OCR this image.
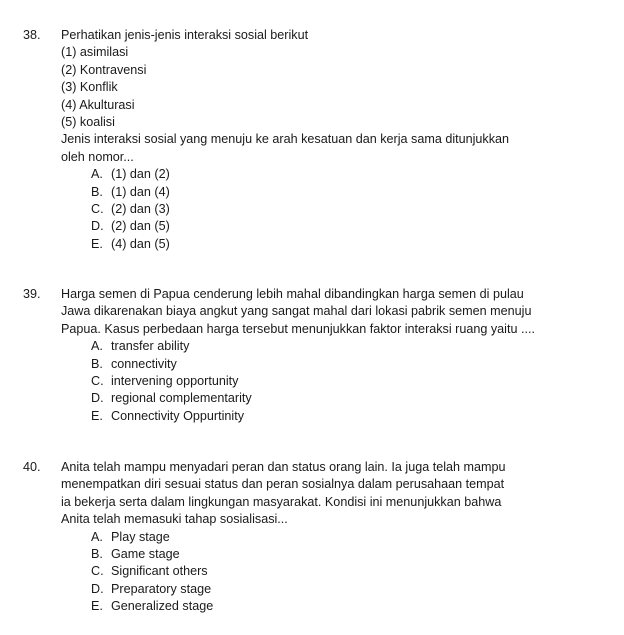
38. Perhatikan jenis-jenis interaksi sosial berikut
(1) asimilasi
(2) Kontravensi
(3) Konflik
(4) Akulturasi
(5) koalisi
Jenis interaksi sosial yang menuju ke arah kesatuan dan kerja sama ditunjukkan
oleh nomor...
A. (1) dan (2)
B. (1) dan (4)
C. (2) dan (3)
D. (2) dan (5)
E. (4) dan (5)
39. Harga semen di Papua cenderung lebih mahal dibandingkan harga semen di pulau
Jawa dikarenakan biaya angkut yang sangat mahal dari lokasi pabrik semen menuju
Papua. Kasus perbedaan harga tersebut menunjukkan faktor interaksi ruang yaitu ....
A. transfer ability
B. connectivity
C. intervening opportunity
D. regional complementarity
E. Connectivity Oppurtinity
40. Anita telah mampu menyadari peran dan status orang lain. Ia juga telah mampu
menempatkan diri sesuai status dan peran sosialnya dalam perusahaan tempat
ia bekerja serta dalam lingkungan masyarakat. Kondisi ini menunjukkan bahwa
Anita telah memasuki tahap sosialisasi...
A. Play stage
B. Game stage
C. Significant others
D. Preparatory stage
E. Generalized stage
